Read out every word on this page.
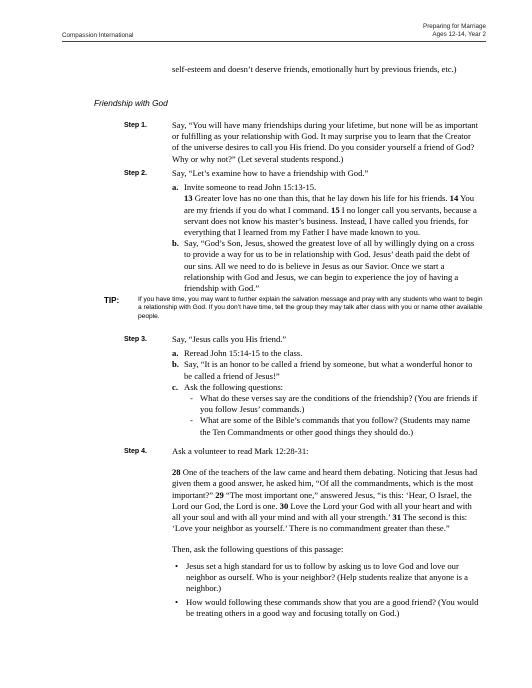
Compassion International
Preparing for Marriage
Ages 12-14, Year 2
self-esteem and doesn’t deserve friends, emotionally hurt by previous friends, etc.)
Friendship with God
Step 1.	Say, “You will have many friendships during your lifetime, but none will be as important or fulfilling as your relationship with God. It may surprise you to learn that the Creator of the universe desires to call you His friend. Do you consider yourself a friend of God? Why or why not?” (Let several students respond.)

Step 2.	Say, “Let’s examine how to have a friendship with God.”

a. Invite someone to read John 15:13-15.

13 Greater love has no one than this, that he lay down his life for his friends. 14 You are my friends if you do what I command. 15 I no longer call you servants, because a servant does not know his master’s business. Instead, I have called you friends, for everything that I learned from my Father I have made known to you.

b. Say, “God’s Son, Jesus, showed the greatest love of all by willingly dying on a cross to provide a way for us to be in relationship with God. Jesus’ death paid the debt of our sins. All we need to do is believe in Jesus as our Savior. Once we start a relationship with God and Jesus, we can begin to experience the joy of having a friendship with God.”

TIP:	If you have time, you may want to further explain the salvation message and pray with any students who want to begin a relationship with God. If you don’t have time, tell the group they may talk after class with you or name other available people.
Step 3.	Say, “Jesus calls you His friend.”

a. Reread John 15:14-15 to the class.

b. Say, “It is an honor to be called a friend by someone, but what a wonderful honor to be called a friend of Jesus!”

c. Ask the following questions:

- What do these verses say are the conditions of the friendship? (You are friends if you follow Jesus’ commands.)

- What are some of the Bible’s commands that you follow? (Students may name the Ten Commandments or other good things they should do.)

Step 4.	Ask a volunteer to read Mark 12:28-31:

28 One of the teachers of the law came and heard them debating. Noticing that Jesus had given them a good answer, he asked him, “Of all the commandments, which is the most important?” 29 “The most important one,” answered Jesus, “is this: ‘Hear, O Israel, the Lord our God, the Lord is one. 30 Love the Lord your God with all your heart and with all your soul and with all your mind and with all your strength.’ 31 The second is this: ‘Love your neighbor as yourself.’ There is no commandment greater than these.”

Then, ask the following questions of this passage:

• Jesus set a high standard for us to follow by asking us to love God and love our neighbor as ourself. Who is your neighbor? (Help students realize that anyone is a neighbor.)

• How would following these commands show that you are a good friend? (You would be treating others in a good way and focusing totally on God.)
